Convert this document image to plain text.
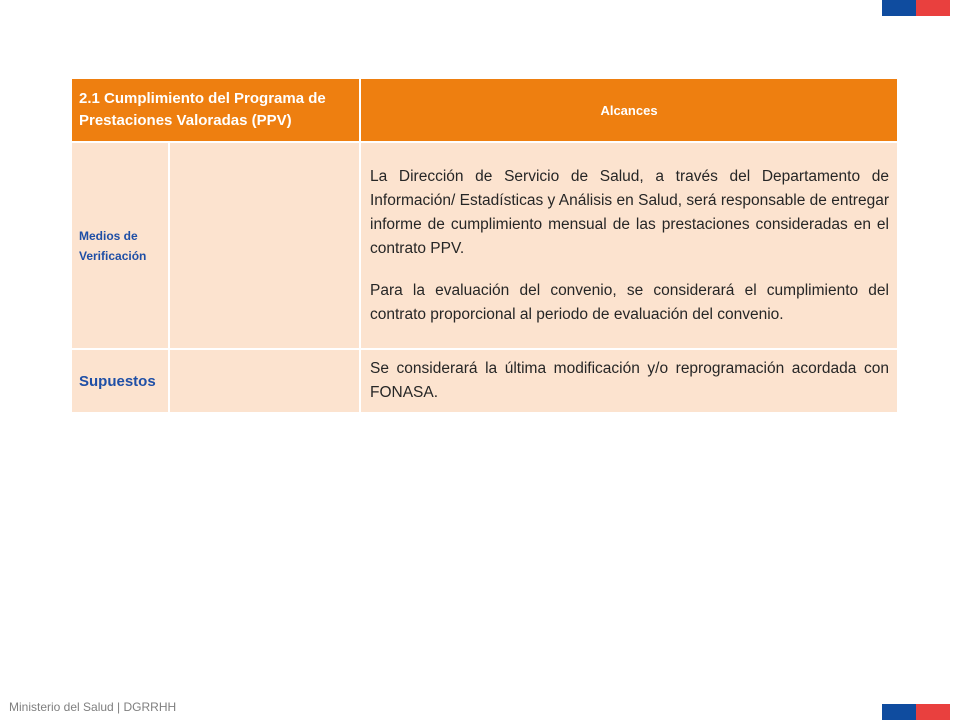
2.1 Cumplimiento del Programa de Prestaciones Valoradas (PPV)		Alcances

Medios de Verificación		La Dirección de Servicio de Salud, a través del Departamento de Información/ Estadísticas y Análisis en Salud, será responsable de entregar informe de cumplimiento mensual de las prestaciones consideradas en el contrato PPV.

Para la evaluación del convenio, se considerará el cumplimiento del contrato proporcional al periodo de evaluación del convenio.

Supuestos		Se considerará la última modificación y/o reprogramación acordada con FONASA.

Ministerio del Salud | DGRRHH
